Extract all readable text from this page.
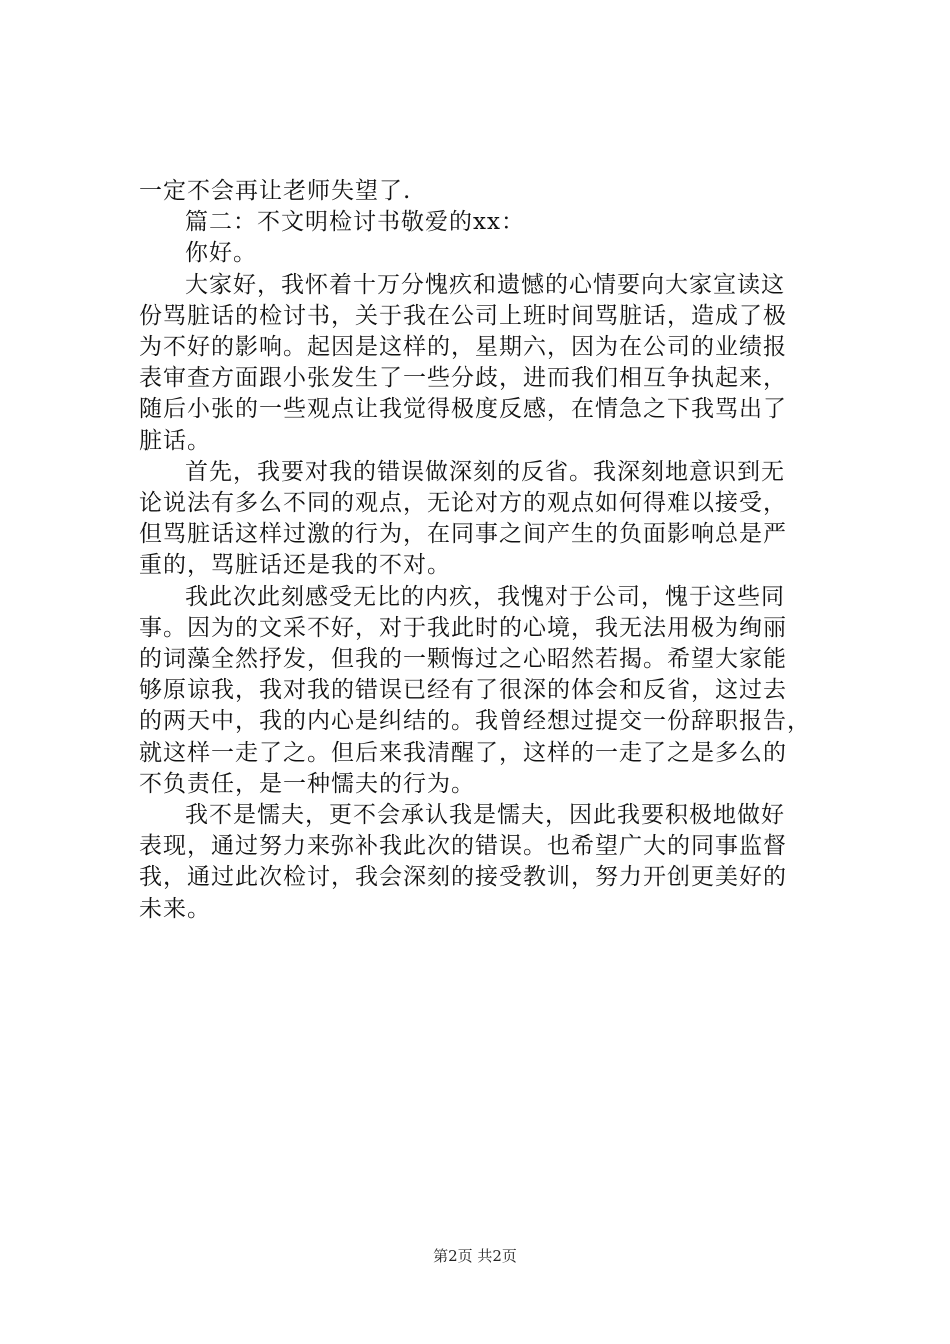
一定不会再让老师失望了.
篇二：不文明检讨书敬爱的xx：
你好。
大家好，我怀着十万分愧疚和遗憾的心情要向大家宣读这
份骂脏话的检讨书，关于我在公司上班时间骂脏话，造成了极
为不好的影响。起因是这样的，星期六，因为在公司的业绩报
表审查方面跟小张发生了一些分歧，进而我们相互争执起来，
随后小张的一些观点让我觉得极度反感，在情急之下我骂出了
脏话。
首先，我要对我的错误做深刻的反省。我深刻地意识到无
论说法有多么不同的观点，无论对方的观点如何得难以接受，
但骂脏话这样过激的行为，在同事之间产生的负面影响总是严
重的，骂脏话还是我的不对。
我此次此刻感受无比的内疚，我愧对于公司，愧于这些同
事。因为的文采不好，对于我此时的心境，我无法用极为绚丽
的词藻全然抒发，但我的一颗悔过之心昭然若揭。希望大家能
够原谅我，我对我的错误已经有了很深的体会和反省，这过去
的两天中，我的内心是纠结的。我曾经想过提交一份辞职报告，
就这样一走了之。但后来我清醒了，这样的一走了之是多么的
不负责任，是一种懦夫的行为。
我不是懦夫，更不会承认我是懦夫，因此我要积极地做好
表现，通过努力来弥补我此次的错误。也希望广大的同事监督
我，通过此次检讨，我会深刻的接受教训，努力开创更美好的
未来。
第2页 共2页
